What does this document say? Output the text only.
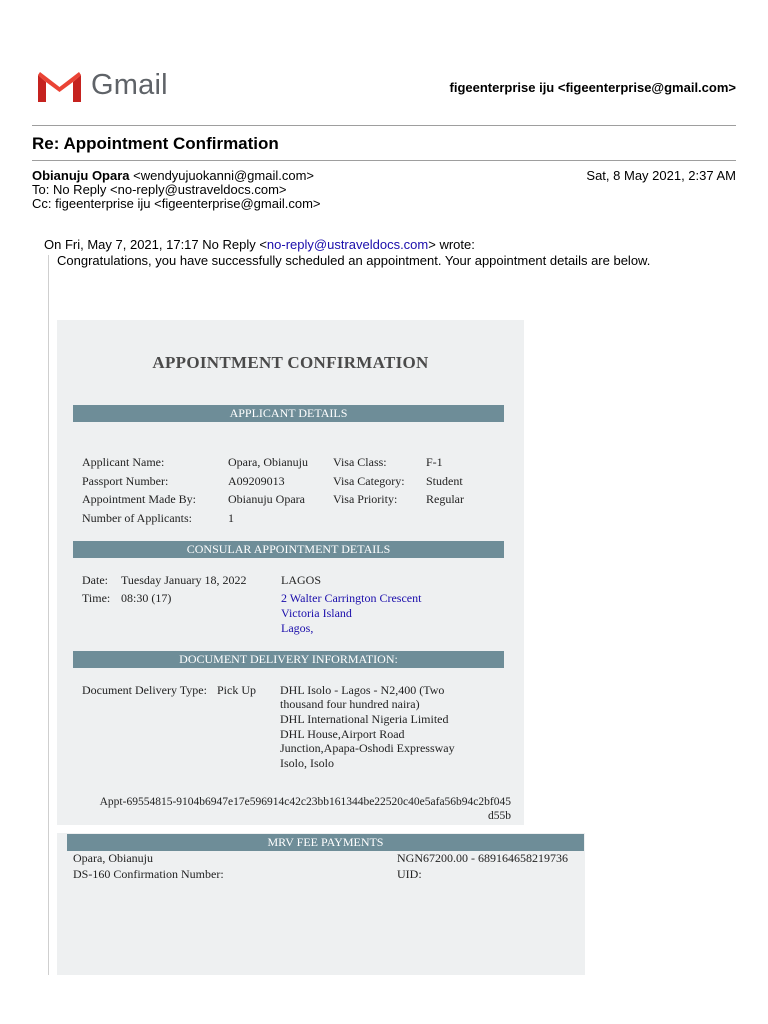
Gmail	figeenterprise iju <figeenterprise@gmail.com>
Re: Appointment Confirmation
Obianuju Opara <wendyujuokanni@gmail.com>	Sat, 8 May 2021, 2:37 AM
To: No Reply <no-reply@ustraveldocs.com>
Cc: figeenterprise iju <figeenterprise@gmail.com>
On Fri, May 7, 2021, 17:17 No Reply <no-reply@ustraveldocs.com> wrote:
Congratulations, you have successfully scheduled an appointment. Your appointment details are below.
APPOINTMENT CONFIRMATION
APPLICANT DETAILS
Applicant Name:	Opara, Obianuju Visa Class:	F-1
Passport Number:	A09209013	Visa Category: Student
Appointment Made By:	Obianuju Opara Visa Priority: Regular
Number of Applicants:	1
CONSULAR APPOINTMENT DETAILS
Date: Tuesday January 18, 2022
Time: 08:30 (17)
LAGOS
2 Walter Carrington Crescent
Victoria Island
Lagos,
DOCUMENT DELIVERY INFORMATION:
Document Delivery Type: Pick Up DHL Isolo - Lagos - N2,400 (Two
thousand four hundred naira)
DHL International Nigeria Limited
DHL House,Airport Road
Junction,Apapa-Oshodi Expressway
Isolo, Isolo
Appt-69554815-9104b6947e17e596914c42c23bb161344be22520c40e5afa56b94c2bf045
d55b
MRV FEE PAYMENTS
Opara, Obianuju	NGN67200.00 - 689164658219736
DS-160 Confirmation Number:	UID:
